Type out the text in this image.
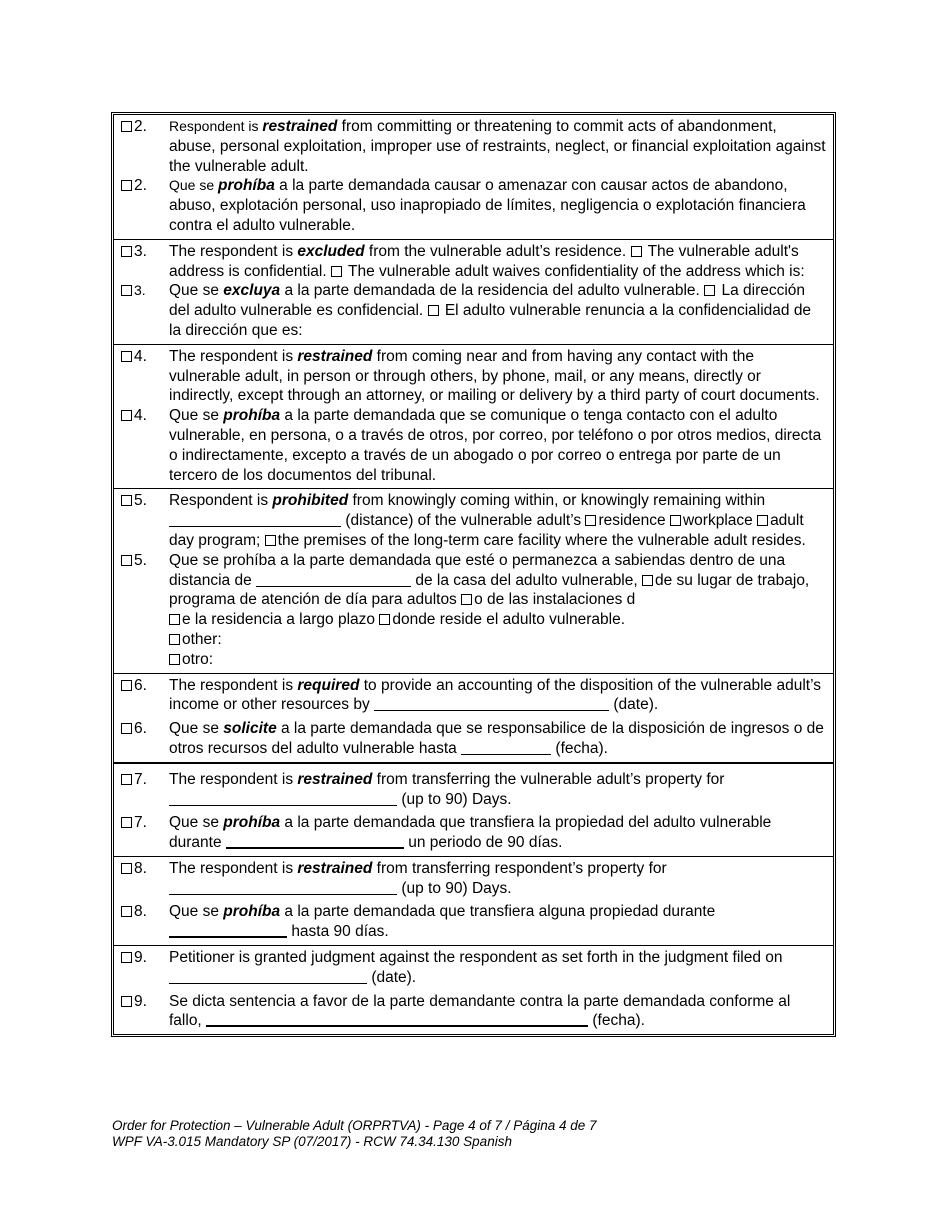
2.	Respondent is restrained from committing or threatening to commit acts of abandonment, abuse, personal exploitation, improper use of restraints, neglect, or financial exploitation against the vulnerable adult.
2.	Que se prohíba a la parte demandada causar o amenazar con causar actos de abandono, abuso, explotación personal, uso inapropiado de límites, negligencia o explotación financiera contra el adulto vulnerable.
3.	The respondent is excluded from the vulnerable adult’s residence. The vulnerable adult's address is confidential. The vulnerable adult waives confidentiality of the address which is:
3.	Que se excluya a la parte demandada de la residencia del adulto vulnerable. La dirección del adulto vulnerable es confidencial. El adulto vulnerable renuncia a la confidencialidad de la dirección que es:
4.	The respondent is restrained from coming near and from having any contact with the vulnerable adult, in person or through others, by phone, mail, or any means, directly or indirectly, except through an attorney, or mailing or delivery by a third party of court documents.
4.	Que se prohíba a la parte demandada que se comunique o tenga contacto con el adulto vulnerable, en persona, o a través de otros, por correo, por teléfono o por otros medios, directa o indirectamente, excepto a través de un abogado o por correo o entrega por parte de un tercero de los documentos del tribunal.
5.	Respondent is prohibited from knowingly coming within, or knowingly remaining within  (distance) of the vulnerable adult’s residence workplace adult day program; the premises of the long-term care facility where the vulnerable adult resides.
5.	Que se prohíba a la parte demandada que esté o permanezca a sabiendas dentro de una distancia de	de la casa del adulto vulnerable, de su lugar de trabajo, programa de atención de día para adultos o de las instalaciones d
e la residencia a largo plazo donde reside el adulto vulnerable.
other:
otro:
6.	The respondent is required to provide an accounting of the disposition of the vulnerable adult’s income or other resources by	(date).
6.	Que se solicite a la parte demandada que se responsabilice de la disposición de ingresos o de otros recursos del adulto vulnerable hasta	(fecha).
7.	The respondent is restrained from transferring the vulnerable adult’s property for
(up to 90) Days.
7.	Que se prohíba a la parte demandada que transfiera la propiedad del adulto vulnerable durante	un periodo de 90 días.
8.	The respondent is restrained from transferring respondent’s property for
(up to 90) Days.
8.	Que se prohíba a la parte demandada que transfiera alguna propiedad durante
hasta 90 días.
9.	Petitioner is granted judgment against the respondent as set forth in the judgment filed on  (date).
9.	Se dicta sentencia a favor de la parte demandante contra la parte demandada conforme al fallo,	(fecha).
Order for Protection – Vulnerable Adult (ORPRTVA) - Page 4 of 7 / Página 4 de 7
WPF VA-3.015 Mandatory SP (07/2017) - RCW 74.34.130 Spanish
